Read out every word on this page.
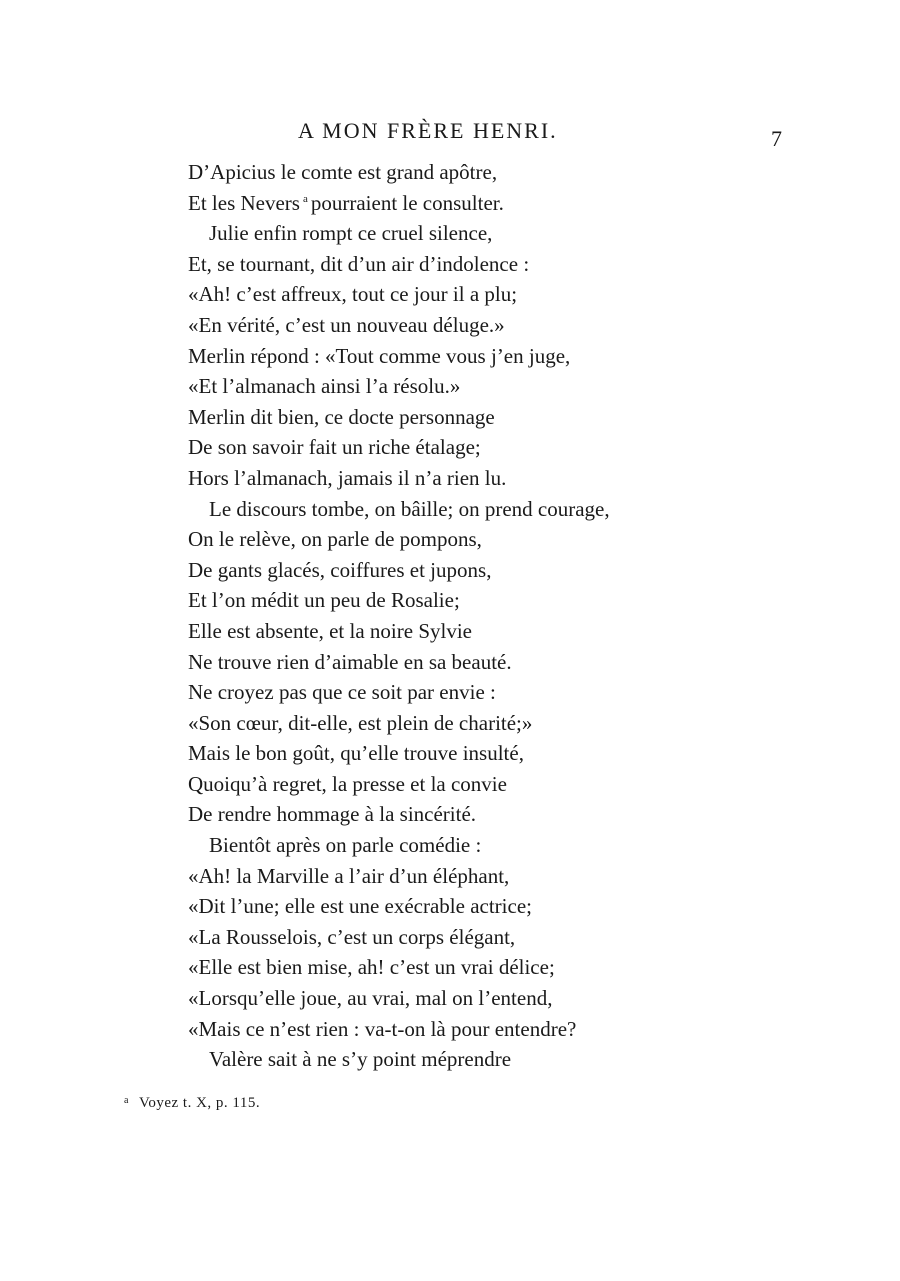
A MON FRÈRE HENRI.	7
D’Apicius le comte est grand apôtre,
Et les Nevers $^a$ pourraient le consulter.
Julie enfin rompt ce cruel silence,
Et, se tournant, dit d’un air d’indolence :
«Ah! c’est affreux, tout ce jour il a plu;
«En vérité, c’est un nouveau déluge.»
Merlin répond : «Tout comme vous j’en juge,
«Et l’almanach ainsi l’a résolu.»
Merlin dit bien, ce docte personnage
De son savoir fait un riche étalage;
Hors l’almanach, jamais il n’a rien lu.
Le discours tombe, on bâille; on prend courage,
On le relève, on parle de pompons,
De gants glacés, coiffures et jupons,
Et l’on médit un peu de Rosalie;
Elle est absente, et la noire Sylvie
Ne trouve rien d’aimable en sa beauté.
Ne croyez pas que ce soit par envie :
«Son cœur, dit-elle, est plein de charité;»
Mais le bon goût, qu’elle trouve insulté,
Quoiqu’à regret, la presse et la convie
De rendre hommage à la sincérité.
Bientôt après on parle comédie :
«Ah! la Marville a l’air d’un éléphant,
«Dit l’une; elle est une exécrable actrice;
«La Rousselois, c’est un corps élégant,
«Elle est bien mise, ah! c’est un vrai délice;
«Lorsqu’elle joue, au vrai, mal on l’entend,
«Mais ce n’est rien : va-t-on là pour entendre?
Valère sait à ne s’y point méprendre
$^a$ Voyez t. X, p. 115.
